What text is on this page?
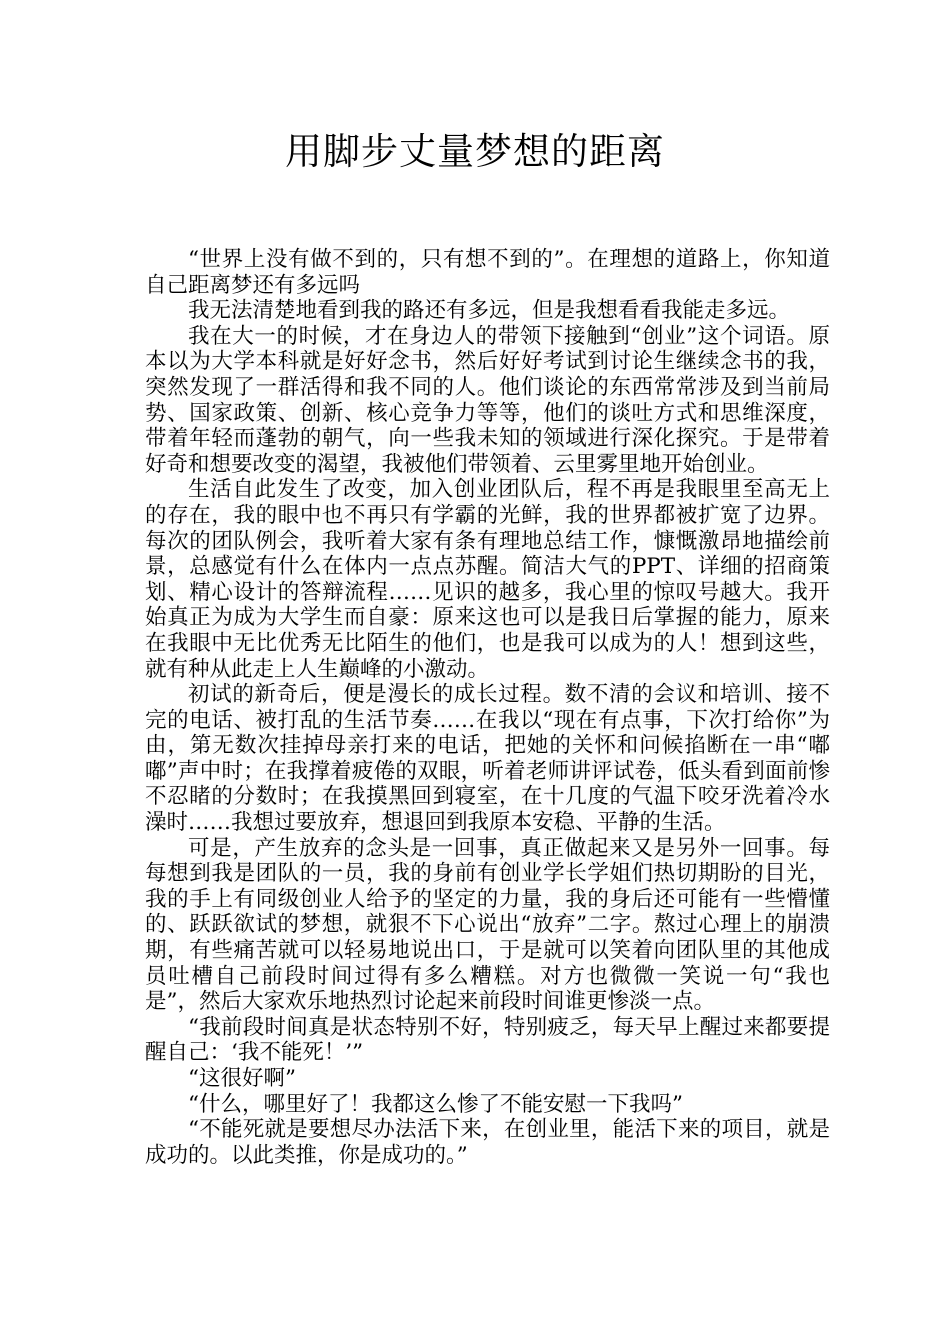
用脚步丈量梦想的距离

“世界上没有做不到的，只有想不到的”。在理想的道路上，你知道自己距离梦还有多远吗

我无法清楚地看到我的路还有多远，但是我想看看我能走多远。

我在大一的时候，才在身边人的带领下接触到“创业”这个词语。原本以为大学本科就是好好念书，然后好好考试到讨论生继续念书的我，突然发现了一群活得和我不同的人。他们谈论的东西常常涉及到当前局势、国家政策、创新、核心竞争力等等，他们的谈吐方式和思维深度，带着年轻而蓬勃的朝气，向一些我未知的领域进行深化探究。于是带着好奇和想要改变的渴望，我被他们带领着、云里雾里地开始创业。

生活自此发生了改变，加入创业团队后，程不再是我眼里至高无上的存在，我的眼中也不再只有学霸的光鲜，我的世界都被扩宽了边界。每次的团队例会，我听着大家有条有理地总结工作，慷慨激昂地描绘前景，总感觉有什么在体内一点点苏醒。简洁大气的PPT、详细的招商策划、精心设计的答辩流程……见识的越多，我心里的惊叹号越大。我开始真正为成为大学生而自豪：原来这也可以是我日后掌握的能力，原来在我眼中无比优秀无比陌生的他们，也是我可以成为的人！想到这些，就有种从此走上人生巅峰的小激动。

初试的新奇后，便是漫长的成长过程。数不清的会议和培训、接不完的电话、被打乱的生活节奏……在我以“现在有点事，下次打给你”为由，第无数次挂掉母亲打来的电话，把她的关怀和问候掐断在一串“嘟嘟”声中时；在我撑着疲倦的双眼，听着老师讲评试卷，低头看到面前惨不忍睹的分数时；在我摸黑回到寝室，在十几度的气温下咬牙洗着冷水澡时……我想过要放弃，想退回到我原本安稳、平静的生活。

可是，产生放弃的念头是一回事，真正做起来又是另外一回事。每每想到我是团队的一员，我的身前有创业学长学姐们热切期盼的目光，我的手上有同级创业人给予的坚定的力量，我的身后还可能有一些懵懂的、跃跃欲试的梦想，就狠不下心说出“放弃”二字。熬过心理上的崩溃期，有些痛苦就可以轻易地说出口，于是就可以笑着向团队里的其他成员吐槽自己前段时间过得有多么糟糕。对方也微微一笑说一句“我也是”，然后大家欢乐地热烈讨论起来前段时间谁更惨淡一点。

“我前段时间真是状态特别不好，特别疲乏，每天早上醒过来都要提醒自己：‘我不能死！’”

“这很好啊”

“什么，哪里好了！我都这么惨了不能安慰一下我吗”

“不能死就是要想尽办法活下来，在创业里，能活下来的项目，就是成功的。以此类推，你是成功的。”
